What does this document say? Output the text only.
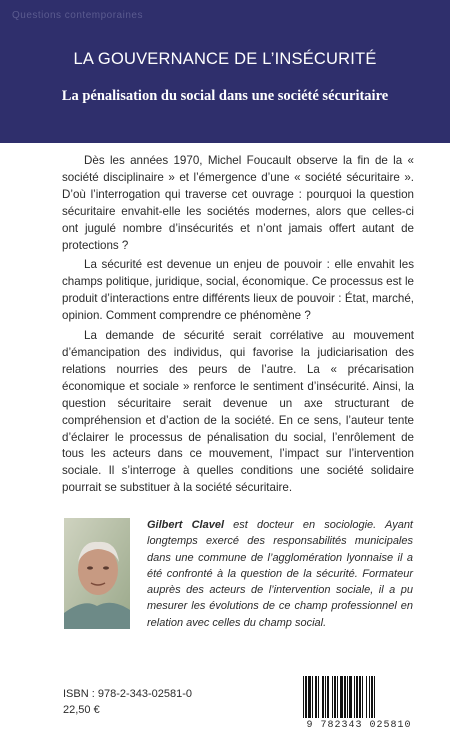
Questions contemporaines
LA GOUVERNANCE DE L’INSÉCURITÉ
La pénalisation du social dans une société sécuritaire

Dès les années 1970, Michel Foucault observe la fin de la « société disciplinaire » et l’émergence d’une « société sécuritaire ». D’où l’interrogation qui traverse cet ouvrage : pourquoi la question sécuritaire envahit-elle les sociétés modernes, alors que celles-ci ont jugulé nombre d’insécurités et n’ont jamais offert autant de protections ?

La sécurité est devenue un enjeu de pouvoir : elle envahit les champs politique, juridique, social, économique. Ce processus est le produit d’interactions entre différents lieux de pouvoir : État, marché, opinion. Comment comprendre ce phénomène ?

La demande de sécurité serait corrélative au mouvement d’émancipation des individus, qui favorise la judiciarisation des relations nourries des peurs de l’autre. La « précarisation économique et sociale » renforce le sentiment d’insécurité. Ainsi, la question sécuritaire serait devenue un axe structurant de compréhension et d’action de la société. En ce sens, l’auteur tente d’éclairer le processus de pénalisation du social, l’enrôlement de tous les acteurs dans ce mouvement, l’impact sur l’intervention sociale. Il s’interroge à quelles conditions une société solidaire pourrait se substituer à la société sécuritaire.

Gilbert Clavel est docteur en sociologie. Ayant longtemps exercé des responsabilités municipales dans une commune de l’agglomération lyonnaise il a été confronté à la question de la sécurité. Formateur auprès des acteurs de l’intervention sociale, il a pu mesurer les évolutions de ce champ professionnel en relation avec celles du champ social.
ISBN : 978-2-343-02581-0
22,50 €
9 782343 025810
